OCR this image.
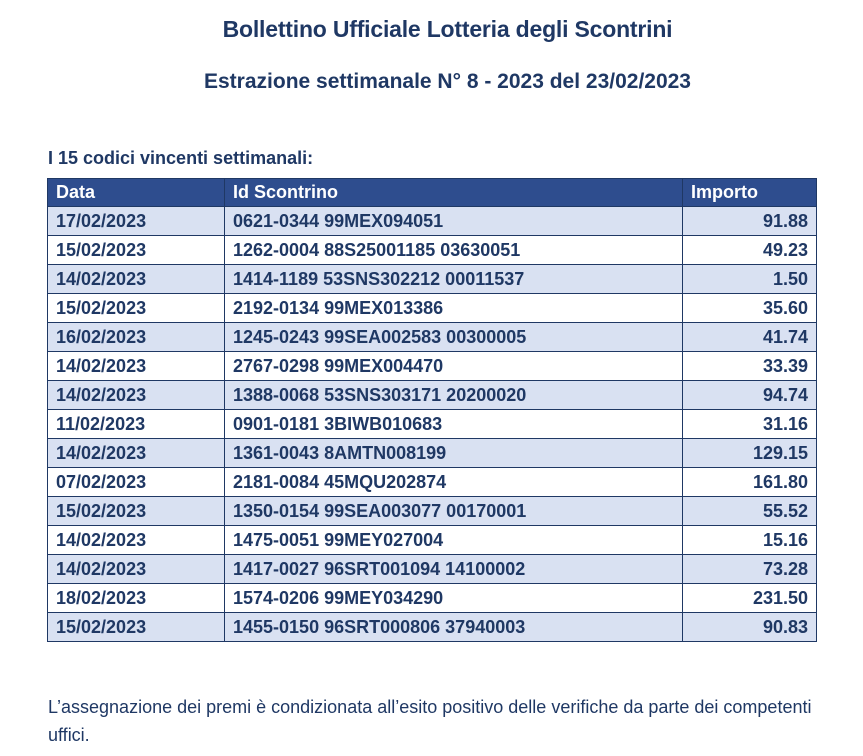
Bollettino Ufficiale Lotteria degli Scontrini
Estrazione settimanale N° 8 - 2023 del 23/02/2023

I 15 codici vincenti settimanali:

Data	Id Scontrino	Importo
17/02/2023	0621-0344 99MEX094051	91.88
15/02/2023	1262-0004 88S25001185 03630051	49.23
14/02/2023	1414-1189 53SNS302212 00011537	1.50
15/02/2023	2192-0134 99MEX013386	35.60
16/02/2023	1245-0243 99SEA002583 00300005	41.74
14/02/2023	2767-0298 99MEX004470	33.39
14/02/2023	1388-0068 53SNS303171 20200020	94.74
11/02/2023	0901-0181 3BIWB010683	31.16
14/02/2023	1361-0043 8AMTN008199	129.15
07/02/2023	2181-0084 45MQU202874	161.80
15/02/2023	1350-0154 99SEA003077 00170001	55.52
14/02/2023	1475-0051 99MEY027004	15.16
14/02/2023	1417-0027 96SRT001094 14100002	73.28
18/02/2023	1574-0206 99MEY034290	231.50
15/02/2023	1455-0150 96SRT000806 37940003	90.83

L’assegnazione dei premi è condizionata all’esito positivo delle verifiche da parte dei competenti uffici.
